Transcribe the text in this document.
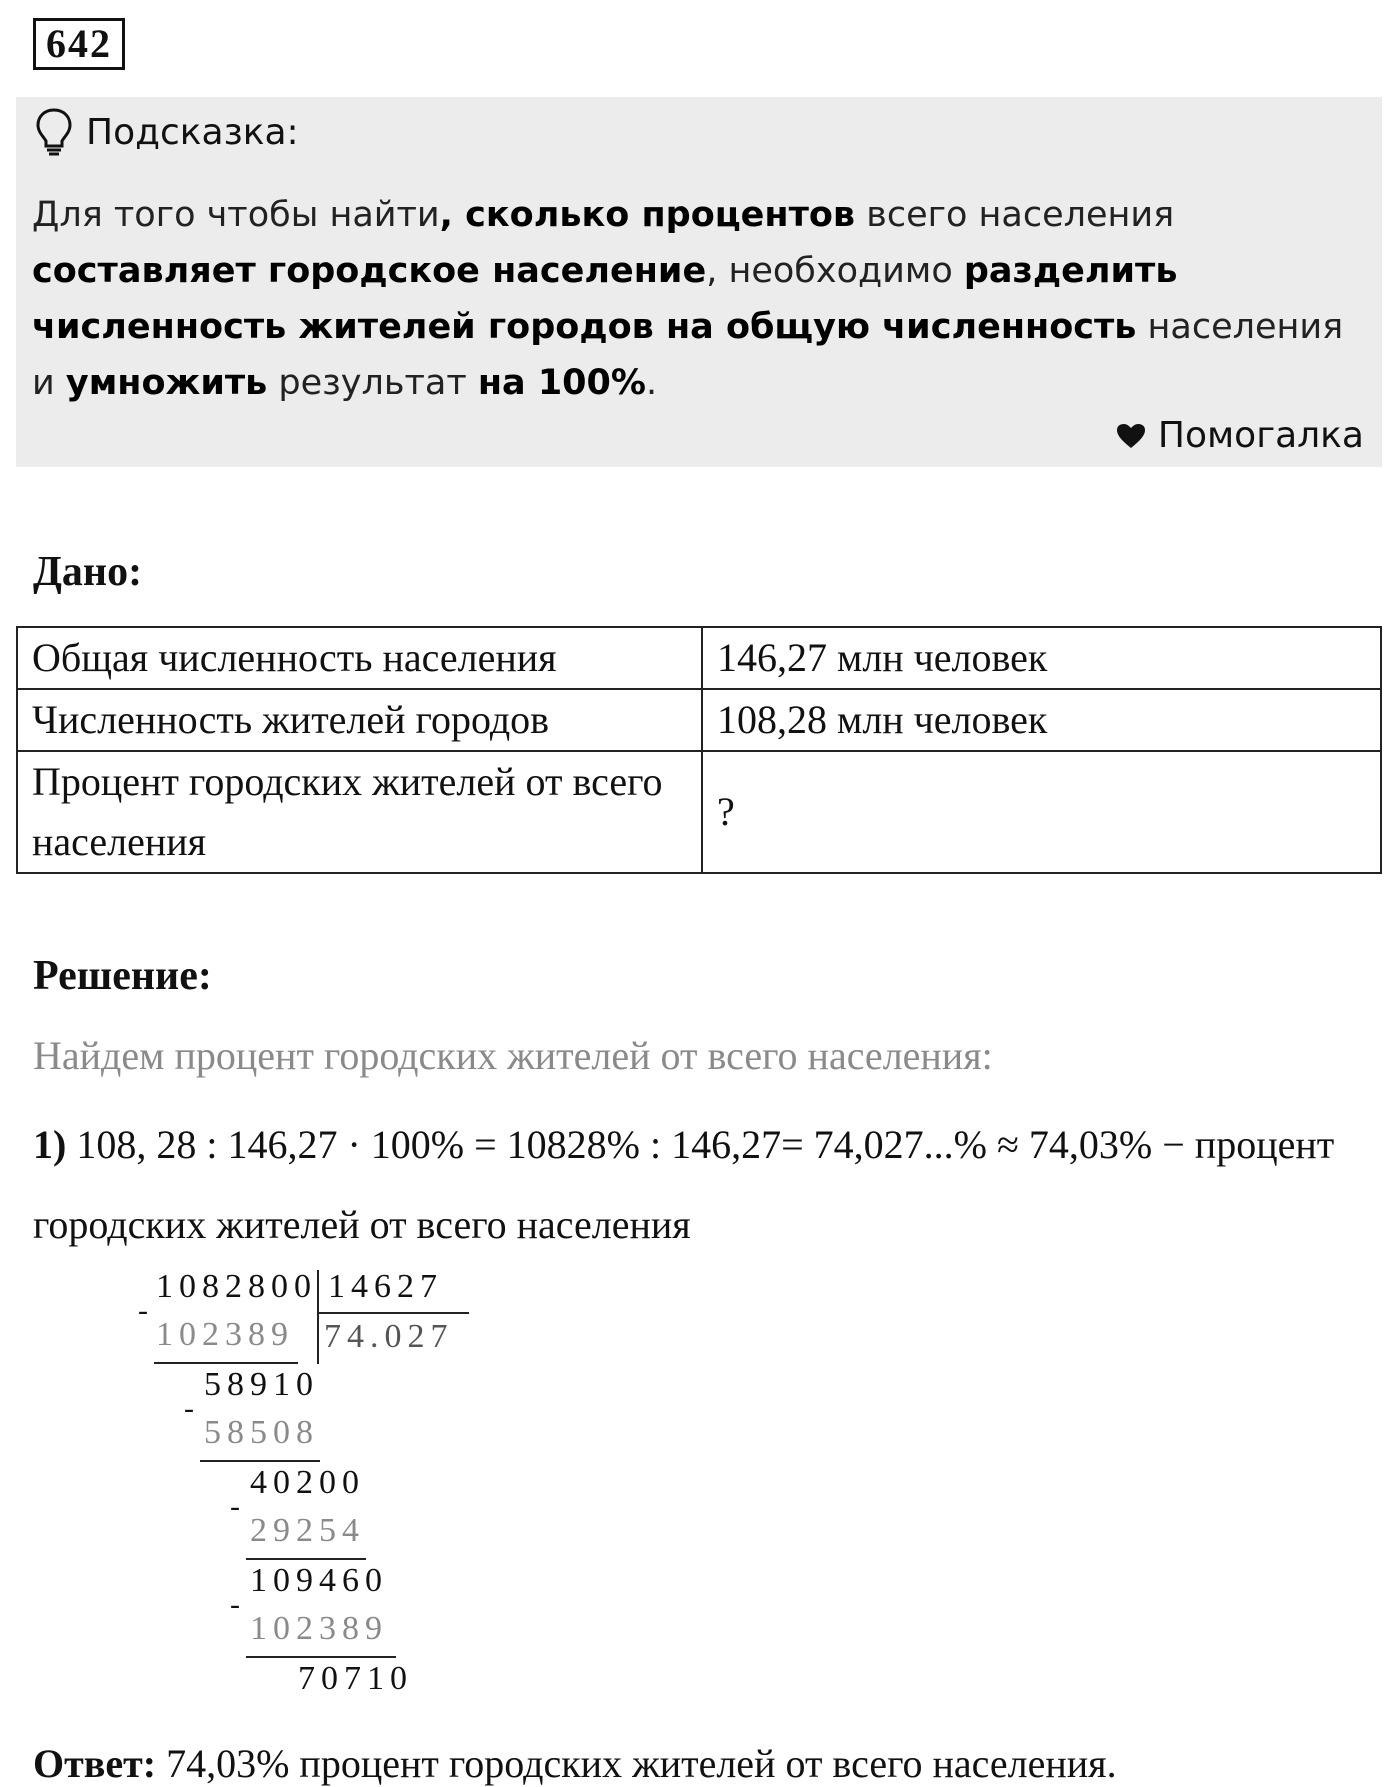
642
Подсказка:
Для того чтобы найти, сколько процентов всего населения составляет городское население, необходимо разделить численность жителей городов на общую численность населения и умножить результат на 100%.
Помогалка
Дано:
Общая численность населения	146,27 млн человек
Численность жителей городов	108,28 млн человек
Процент городских жителей от всего населения	?
Решение:
Найдем процент городских жителей от всего населения:
1) 108, 28 : 146,27 · 100% = 10828% : 146,27= 74,027...% ≈ 74,03% − процент городских жителей от всего населения
1082800 14627
74.027
-
102389
58910
-
58508
40200
-
29254
109460
-
102389
70710
Ответ: 74,03% процент городских жителей от всего населения.
